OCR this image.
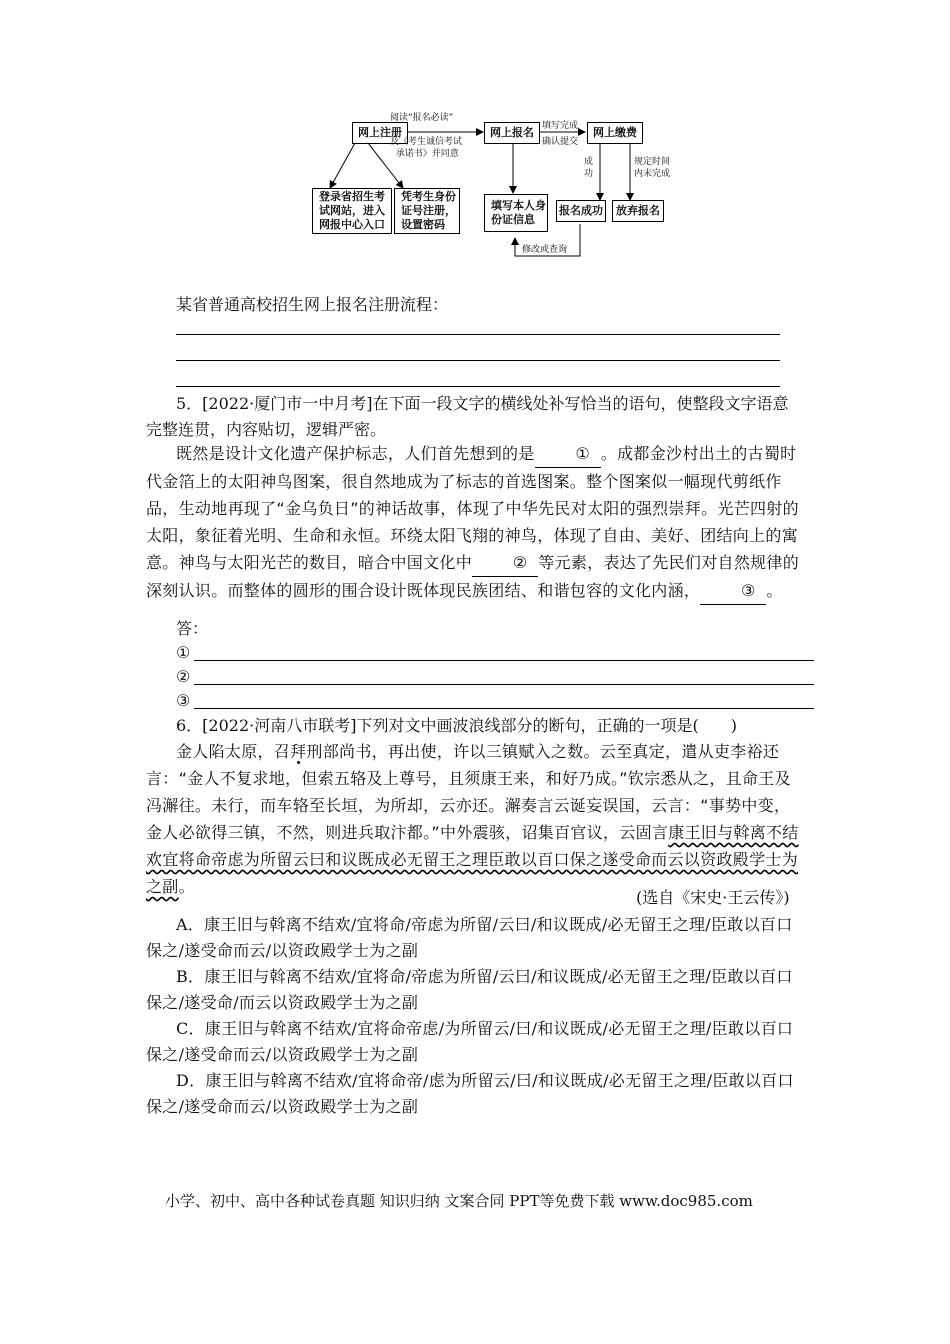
网上注册	网上报名	网上缴费
登录省招生考
试网站，进入
网报中心入口
凭考生身份
证号注册，
设置密码
填写本人身
份证信息
报名成功 放弃报名
阅读“报名必读”
及《考生诚信考试
承诺书》并同意
填写完成
确认提交
成
功
规定时间
内未完成
修改或查询
某省普通高校招生网上报名注册流程：
5．[2022·厦门市一中月考]在下面一段文字的横线处补写恰当的语句，使整段文字语意
完整连贯，内容贴切，逻辑严密。
既然是设计文化遗产保护标志，人们首先想到的是	① 。成都金沙村出土的古蜀时代金箔上的太阳神鸟图案，很自然地成为了标志的首选图案。整个图案似一幅现代剪纸作品，生动地再现了“金乌负日”的神话故事，体现了中华先民对太阳的强烈崇拜。光芒四射的太阳，象征着光明、生命和永恒。环绕太阳飞翔的神鸟，体现了自由、美好、团结向上的寓意。神鸟与太阳光芒的数目，暗合中国文化中	② 等元素，表达了先民们对自然规律的深刻认识。而整体的圆形的围合设计既体现民族团结、和谐包容的文化内涵，	③ 。
答：
①
②
③
6．[2022·河南八市联考]下列对文中画波浪线部分的断句，正确的一项是(　　)
金人陷太原，召拜刑部尚书，再出使，许以三镇赋入之数。云至真定，遣从吏李裕还言：“金人不复求地，但索五辂及上尊号，且须康王来，和好乃成。”钦宗悉从之，且命王及冯澥往。未行，而车辂至长垣，为所却，云亦还。澥奏言云诞妄误国，云言：“事势中变，金人必欲得三镇，不然，则进兵取汴都。”中外震骇，诏集百官议，云固言康王旧与斡离不结欢宜将命帝虑为所留云曰和议既成必无留王之理臣敢以百口保之遂受命而云以资政殿学士为之副。
(选自《宋史·王云传》)
A．康王旧与斡离不结欢/宜将命/帝虑为所留/云曰/和议既成/必无留王之理/臣敢以百口保之/遂受命而云/以资政殿学士为之副
B．康王旧与斡离不结欢/宜将命/帝虑为所留/云曰/和议既成/必无留王之理/臣敢以百口保之/遂受命/而云以资政殿学士为之副
C．康王旧与斡离不结欢/宜将命帝虑/为所留云/曰/和议既成/必无留王之理/臣敢以百口保之/遂受命而云/以资政殿学士为之副
D．康王旧与斡离不结欢/宜将命帝/虑为所留云/曰/和议既成/必无留王之理/臣敢以百口保之/遂受命而云/以资政殿学士为之副
小学、初中、高中各种试卷真题 知识归纳 文案合同 PPT等免费下载 www.doc985.com
